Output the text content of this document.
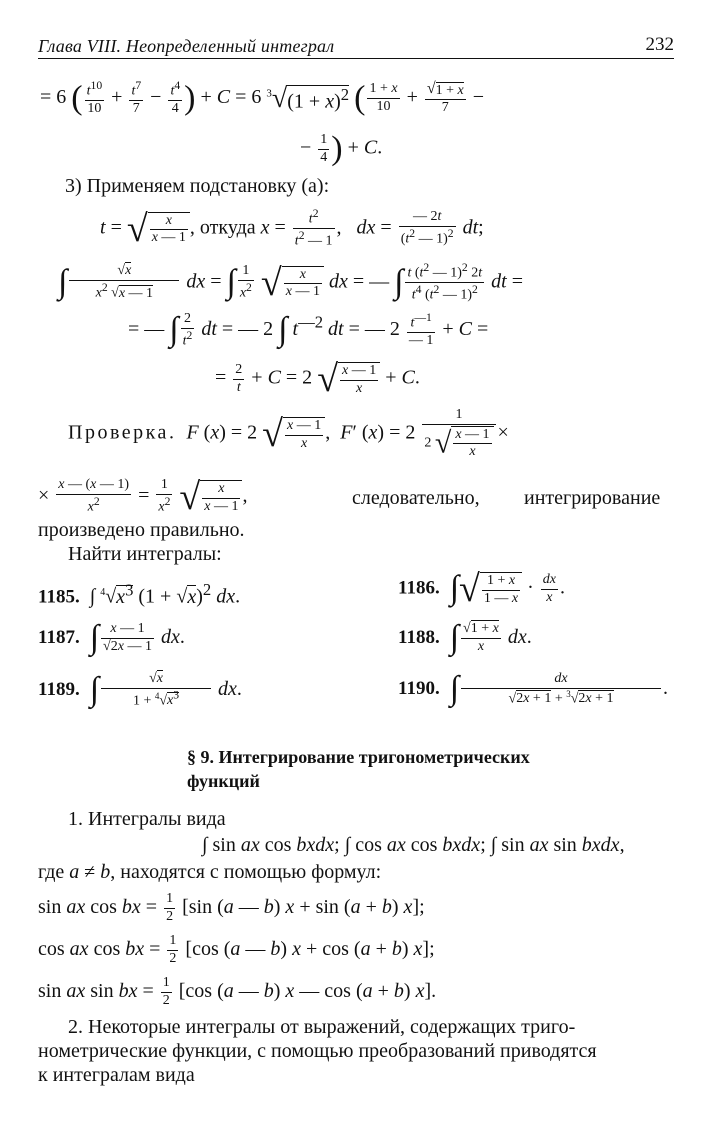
Глава VIII. Неопределенный интеграл	232
= 6 ( $\frac{t^{10}}{10} + \frac{t^7}{7} - \frac{t^4}{4}$ ) + C = 6 $^3√(1 + x)^2$ ( $\frac{1 + x}{10} + \frac{√1 + x}{7}$ −
− $\frac{1}{4}$ ) + C.
3) Применяем подстановку (а):
t = √ $\frac{x}{x — 1}$ , откуда $x = \frac{t^2}{t^2 — 1}$ ,   dx = $\frac{— 2t}{(t^2 — 1)^2}$ dt;
∫ $\frac{√x}{x^2 √x — 1}$ dx = ∫ $\frac{1}{x^2}$ √ $\frac{x}{x — 1}$ dx = — ∫ $\frac{t (t^2 — 1)^2 2t}{t^4 (t^2 — 1)^2}$ dt =
= — ∫ $\frac{2}{t^2}$ dt = — 2 ∫ $t^{—2}$ dt = — $2 \frac{t^{—1}}{— 1} + C$ =
= $\frac{2}{t} + C = 2$ √ $\frac{x — 1}{x} + C$.
Проверка. F (x) = 2 √ $\frac{x — 1}{x}$ ,  F′ $(x) = 2 \frac{1}{2 √ \frac{x — 1}{x}}$ ×
× $\frac{x — (x — 1)}{x^2} = \frac{1}{x^2}$ √ $\frac{x}{x — 1}$ ,	следовательно, интегрирование
произведено правильно.
Найти интегралы:
1185.  ∫ $^4√x^3$ $(1 + √x)^2$ dx.	1186. ∫√ $\frac{1 + x}{1 — x} \cdot \frac{dx}{x}$ .
1187. ∫ $\frac{x — 1}{√2x — 1}$ dx.	1188. ∫ $\frac{√1 + x}{x}$ dx.
1189. ∫ $\frac{√x}{1 + ^4√x^3}$ dx.	1190. ∫ $\frac{dx}{√2x + 1 + ^3√2x + 1}$ .
§ 9. Интегрирование тригонометрических
функций
1. Интегралы вида
∫ sin ax cos bxdx; ∫ cos ax cos bxdx; ∫ sin ax sin bxdx,
где a ≠ b, находятся с помощью формул:
sin ax cos bx = $\frac{1}{2} [\sin$ (a — b) x + sin (a + b) x];
cos ax cos bx = $\frac{1}{2} [\cos$ (a — b) x + cos (a + b) x];
sin ax sin bx = $\frac{1}{2} [\cos$ (a — b) x — cos (a + b) x].
2. Некоторые интегралы от выражений, содержащих триго-
нометрические функции, с помощью преобразований приводятся
к интегралам вида
